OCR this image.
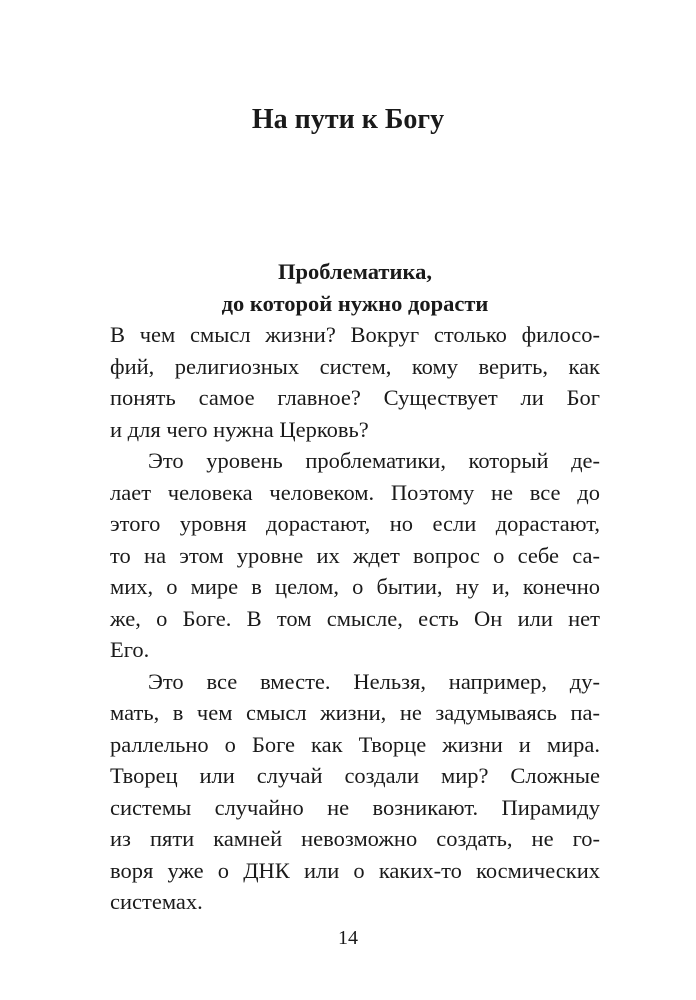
На пути к Богу
Проблематика,
до которой нужно дорасти
В чем смысл жизни? Вокруг столько филосо-
фий, религиозных систем, кому верить, как
понять самое главное? Существует ли Бог
и для чего нужна Церковь?
Это уровень проблематики, который де-
лает человека человеком. Поэтому не все до
этого уровня дорастают, но если дорастают,
то на этом уровне их ждет вопрос о себе са-
мих, о мире в целом, о бытии, ну и, конечно
же, о Боге. В том смысле, есть Он или нет
Его.
Это все вместе. Нельзя, например, ду-
мать, в чем смысл жизни, не задумываясь па-
раллельно о Боге как Творце жизни и мира.
Творец или случай создали мир? Сложные
системы случайно не возникают. Пирамиду
из пяти камней невозможно создать, не го-
воря уже о ДНК или о каких-то космических
системах.
14
